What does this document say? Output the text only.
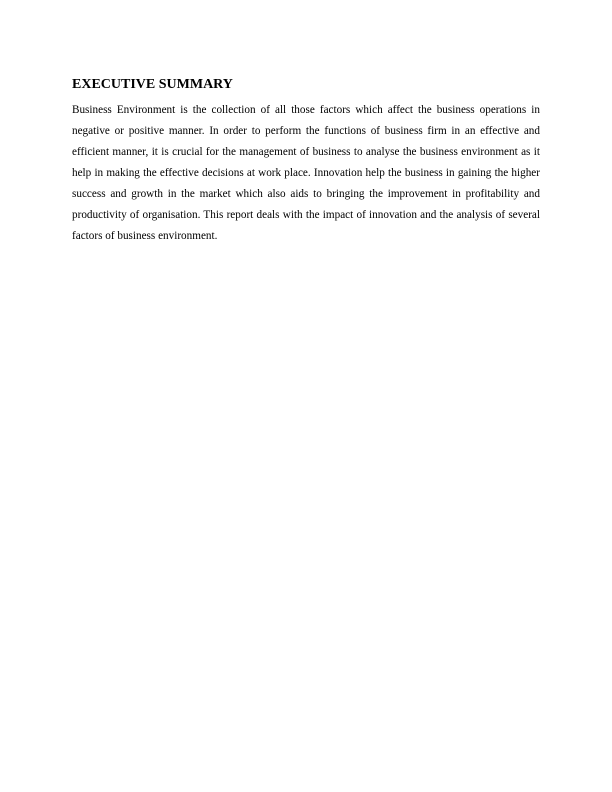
EXECUTIVE SUMMARY

Business Environment is the collection of all those factors which affect the business operations in negative or positive manner. In order to perform the functions of business firm in an effective and efficient manner, it is crucial for the management of business to analyse the business environment as it help in making the effective decisions at work place. Innovation help the business in gaining the higher success and growth in the market which also aids to bringing the improvement in profitability and productivity of organisation. This report deals with the impact of innovation and the analysis of several factors of business environment.
